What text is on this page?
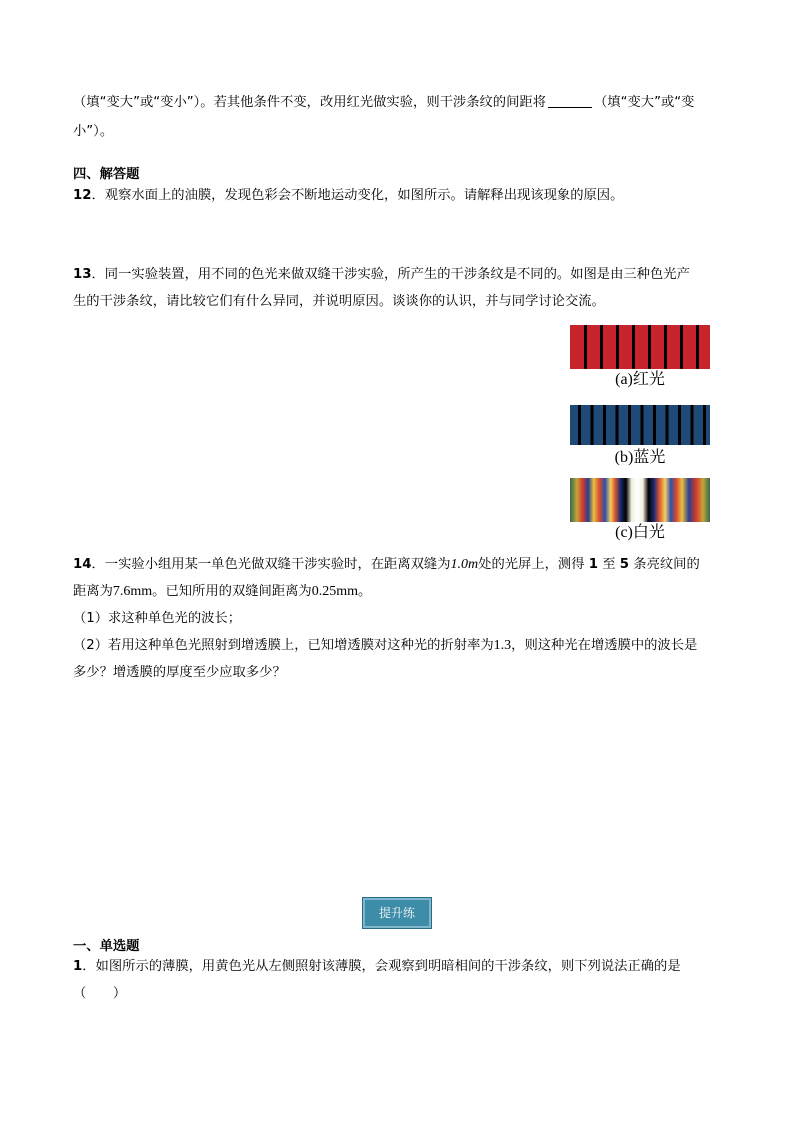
（填“变大”或“变小”）。若其他条件不变，改用红光做实验，则干涉条纹的间距将	（填“变大”或“变
小”）。
四、解答题
12．观察水面上的油膜，发现色彩会不断地运动变化，如图所示。请解释出现该现象的原因。
13．同一实验装置，用不同的色光来做双缝干涉实验，所产生的干涉条纹是不同的。如图是由三种色光产
生的干涉条纹，请比较它们有什么异同，并说明原因。谈谈你的认识，并与同学讨论交流。
(a)红光
(b)蓝光
(c)白光
14．一实验小组用某一单色光做双缝干涉实验时，在距离双缝为1.0m处的光屏上，测得 1 至 5 条亮纹间的
距离为7.6mm。已知所用的双缝间距离为0.25mm。
（1）求这种单色光的波长；
（2）若用这种单色光照射到增透膜上，已知增透膜对这种光的折射率为1.3，则这种光在增透膜中的波长是
多少？增透膜的厚度至少应取多少？
提升练
一、单选题
1．如图所示的薄膜，用黄色光从左侧照射该薄膜，会观察到明暗相间的干涉条纹，则下列说法正确的是
（　　）
